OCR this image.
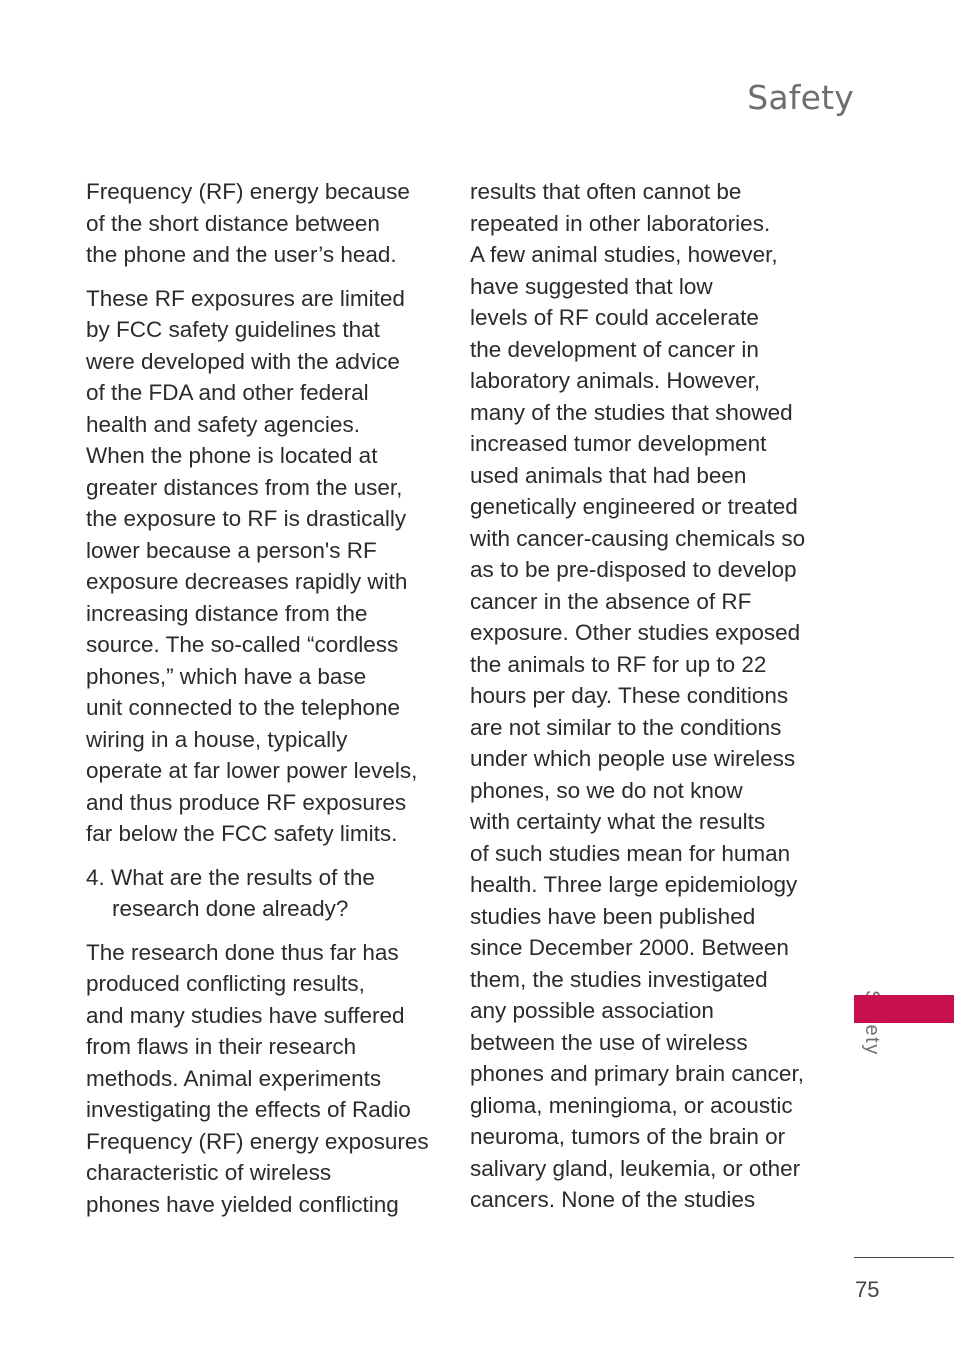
Safety
Frequency (RF) energy because
of the short distance between
the phone and the user’s head.
These RF exposures are limited
by FCC safety guidelines that
were developed with the advice
of the FDA and other federal
health and safety agencies.
When the phone is located at
greater distances from the user,
the exposure to RF is drastically
lower because a person's RF
exposure decreases rapidly with
increasing distance from the
source. The so-called “cordless
phones,” which have a base
unit connected to the telephone
wiring in a house, typically
operate at far lower power levels,
and thus produce RF exposures
far below the FCC safety limits.
4. What are the results of the
research done already?
The research done thus far has
produced conflicting results,
and many studies have suffered
from flaws in their research
methods. Animal experiments
investigating the effects of Radio
Frequency (RF) energy exposures
characteristic of wireless
phones have yielded conflicting
results that often cannot be
repeated in other laboratories.
A few animal studies, however,
have suggested that low
levels of RF could accelerate
the development of cancer in
laboratory animals. However,
many of the studies that showed
increased tumor development
used animals that had been
genetically engineered or treated
with cancer-causing chemicals so
as to be pre-disposed to develop
cancer in the absence of RF
exposure. Other studies exposed
the animals to RF for up to 22
hours per day. These conditions
are not similar to the conditions
under which people use wireless
phones, so we do not know
with certainty what the results
of such studies mean for human
health. Three large epidemiology
studies have been published
since December 2000. Between
them, the studies investigated
any possible association
between the use of wireless
phones and primary brain cancer,
glioma, meningioma, or acoustic
neuroma, tumors of the brain or
salivary gland, leukemia, or other
cancers. None of the studies
75
